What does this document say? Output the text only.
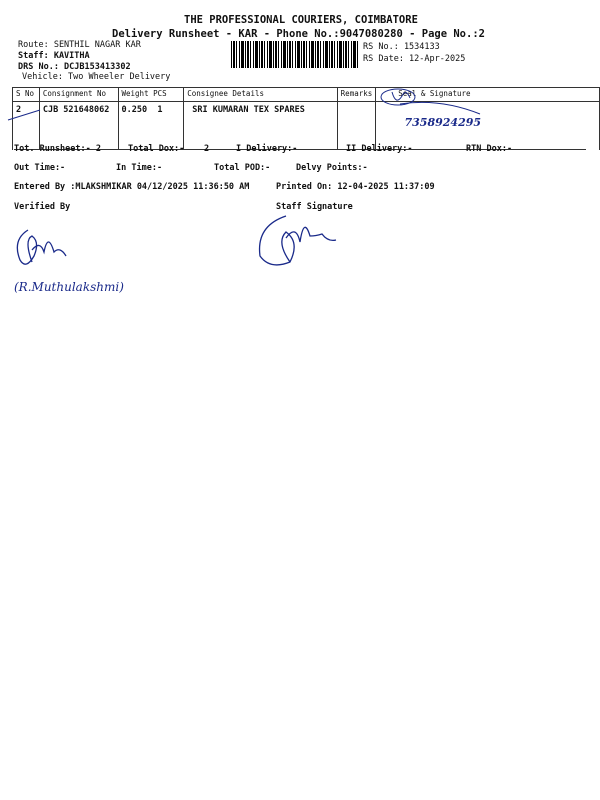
THE PROFESSIONAL COURIERS, COIMBATORE
Delivery Runsheet - KAR - Phone No.:9047080280 - Page No.:2
Route: SENTHIL NAGAR KAR
Staff: KAVITHA
DRS No.: DCJB153413302
Vehicle: Two Wheeler Delivery
RS No.: 1534133
RS Date: 12-Apr-2025
S No	Consignment No	Weight PCS	Consignee Details	Remarks	Seal & Signature
2	CJB 521648062	0.250 1	SRI KUMARAN TEX SPARES		7358924295
Tot. Runsheet:- 2	Total Dox:- 2	I Delivery:-	II Delivery:-	RTN Dox:-
Out Time:-	In Time:-	Total POD:-	Delvy Points:-
Entered By :MLAKSHMIKAR 04/12/2025 11:36:50 AM	Printed On: 12-04-2025 11:37:09
Verified By	Staff Signature
(R.Muthulakshmi)
